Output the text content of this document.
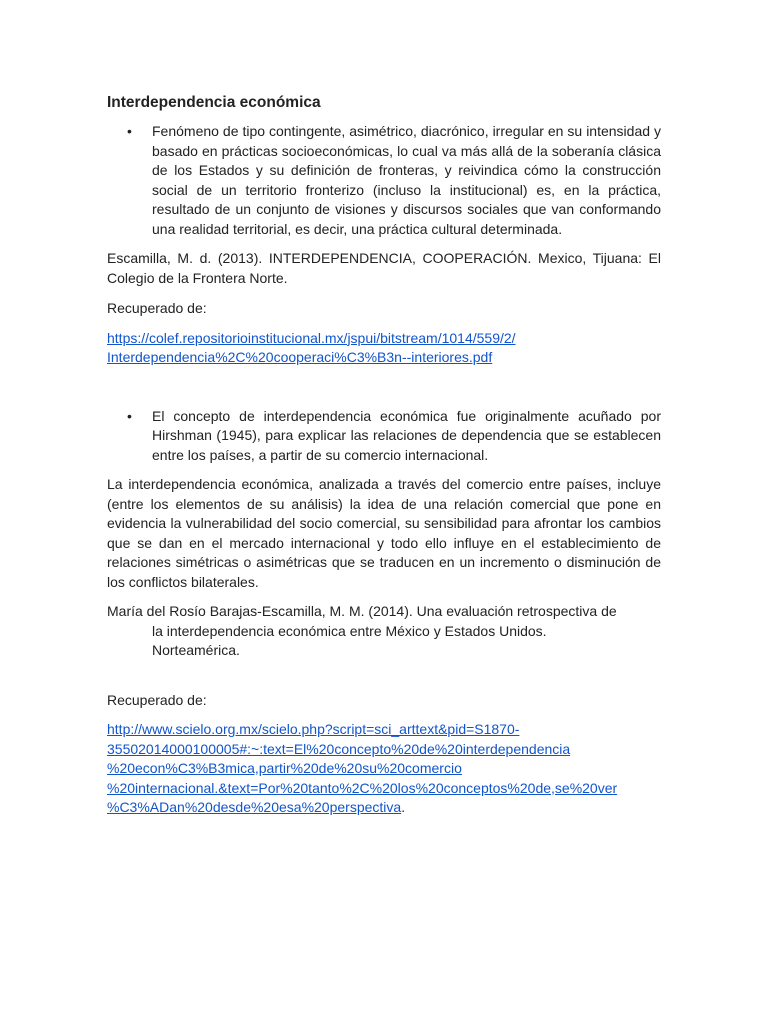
Interdependencia económica
• Fenómeno de tipo contingente, asimétrico, diacrónico, irregular en su intensidad y basado en prácticas socioeconómicas, lo cual va más allá de la soberanía clásica de los Estados y su definición de fronteras, y reivindica cómo la construcción social de un territorio fronterizo (incluso la institucional) es, en la práctica, resultado de un conjunto de visiones y discursos sociales que van conformando una realidad territorial, es decir, una práctica cultural determinada.

Escamilla, M. d. (2013). INTERDEPENDENCIA, COOPERACIÓN. Mexico, Tijuana: El Colegio de la Frontera Norte.

Recuperado de:

https://colef.repositorioinstitucional.mx/jspui/bitstream/1014/559/2/
Interdependencia%2C%20cooperaci%C3%B3n--interiores.pdf

• El concepto de interdependencia económica fue originalmente acuñado por Hirshman (1945), para explicar las relaciones de dependencia que se establecen entre los países, a partir de su comercio internacional.

La interdependencia económica, analizada a través del comercio entre países, incluye (entre los elementos de su análisis) la idea de una relación comercial que pone en evidencia la vulnerabilidad del socio comercial, su sensibilidad para afrontar los cambios que se dan en el mercado internacional y todo ello influye en el establecimiento de relaciones simétricas o asimétricas que se traducen en un incremento o disminución de los conflictos bilaterales.

María del Rosío Barajas-Escamilla, M. M. (2014). Una evaluación retrospectiva de

la interdependencia económica entre México y Estados Unidos.

Norteamérica.

Recuperado de:

http://www.scielo.org.mx/scielo.php?script=sci_arttext&pid=S1870-
35502014000100005#:~:text=El%20concepto%20de%20interdependencia
%20econ%C3%B3mica,partir%20de%20su%20comercio
%20internacional.&text=Por%20tanto%2C%20los%20conceptos%20de,se%20ver
%C3%ADan%20desde%20esa%20perspectiva.
